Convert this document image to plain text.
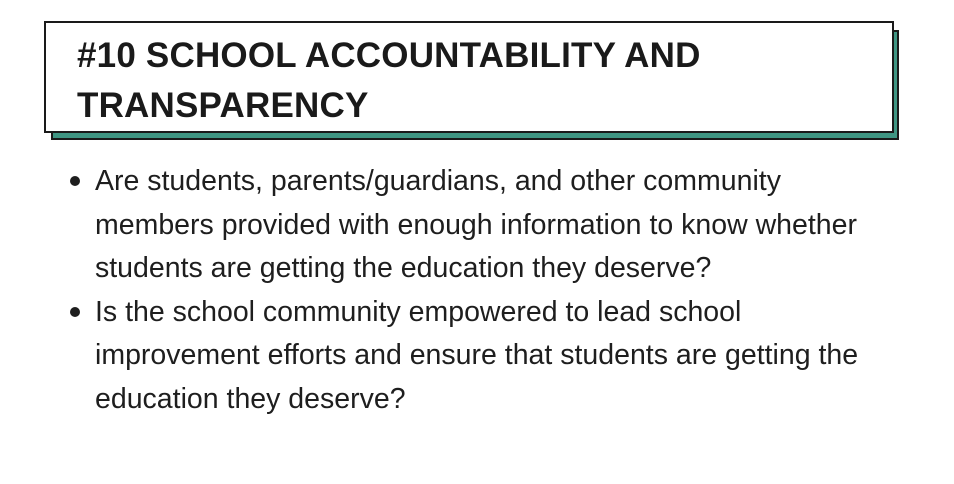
#10 SCHOOL ACCOUNTABILITY AND TRANSPARENCY
Are students, parents/guardians, and other community members provided with enough information to know whether students are getting the education they deserve?
Is the school community empowered to lead school improvement efforts and ensure that students are getting the education they deserve?
